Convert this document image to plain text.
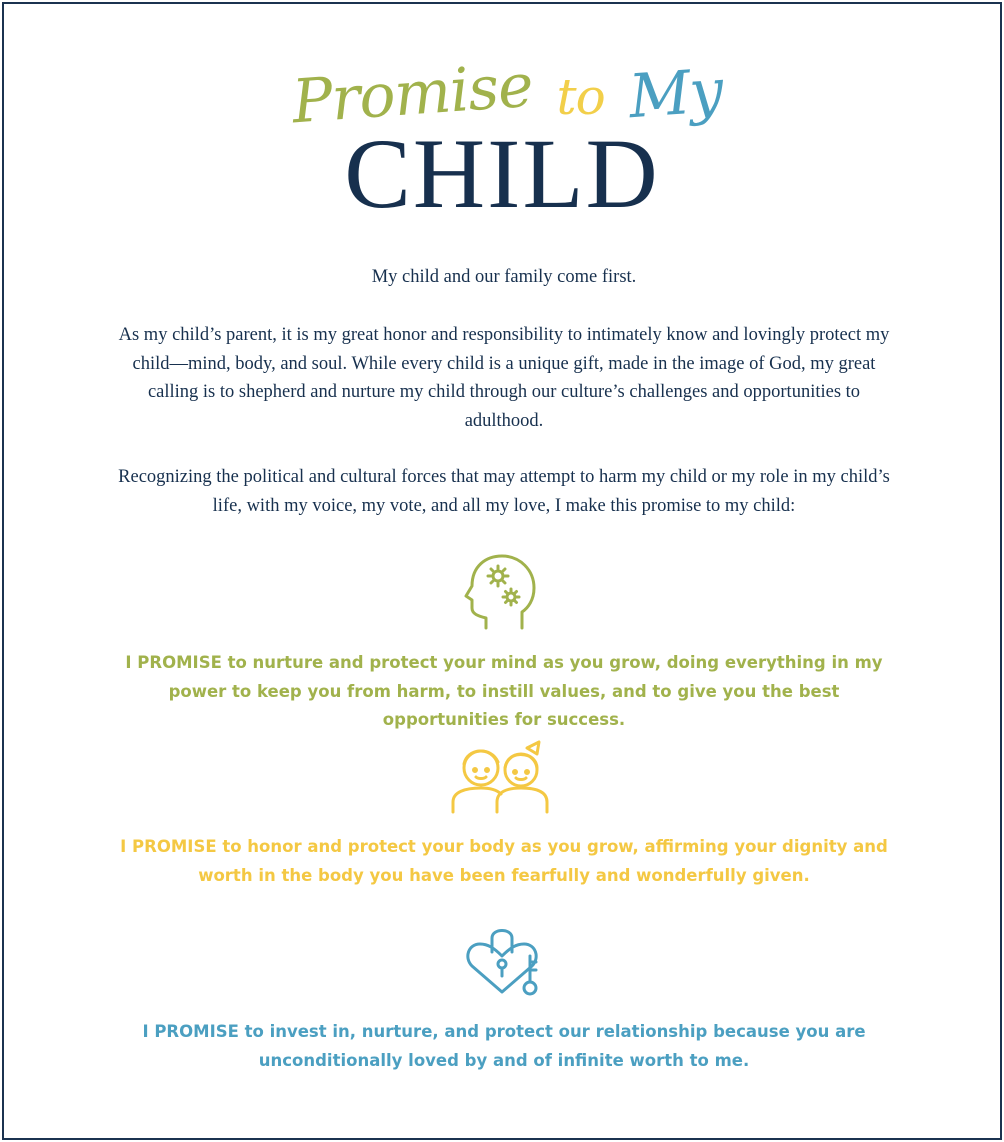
Promise to My
CHILD

My child and our family come first.

As my child’s parent, it is my great honor and responsibility to intimately know and lovingly protect my child—mind, body, and soul. While every child is a unique gift, made in the image of God, my great calling is to shepherd and nurture my child through our culture’s challenges and opportunities to adulthood.

Recognizing the political and cultural forces that may attempt to harm my child or my role in my child’s life, with my voice, my vote, and all my love, I make this promise to my child:

I PROMISE to nurture and protect your mind as you grow, doing everything in my power to keep you from harm, to instill values, and to give you the best opportunities for success.

I PROMISE to honor and protect your body as you grow, affirming your dignity and worth in the body you have been fearfully and wonderfully given.

I PROMISE to invest in, nurture, and protect our relationship because you are unconditionally loved by and of infinite worth to me.
